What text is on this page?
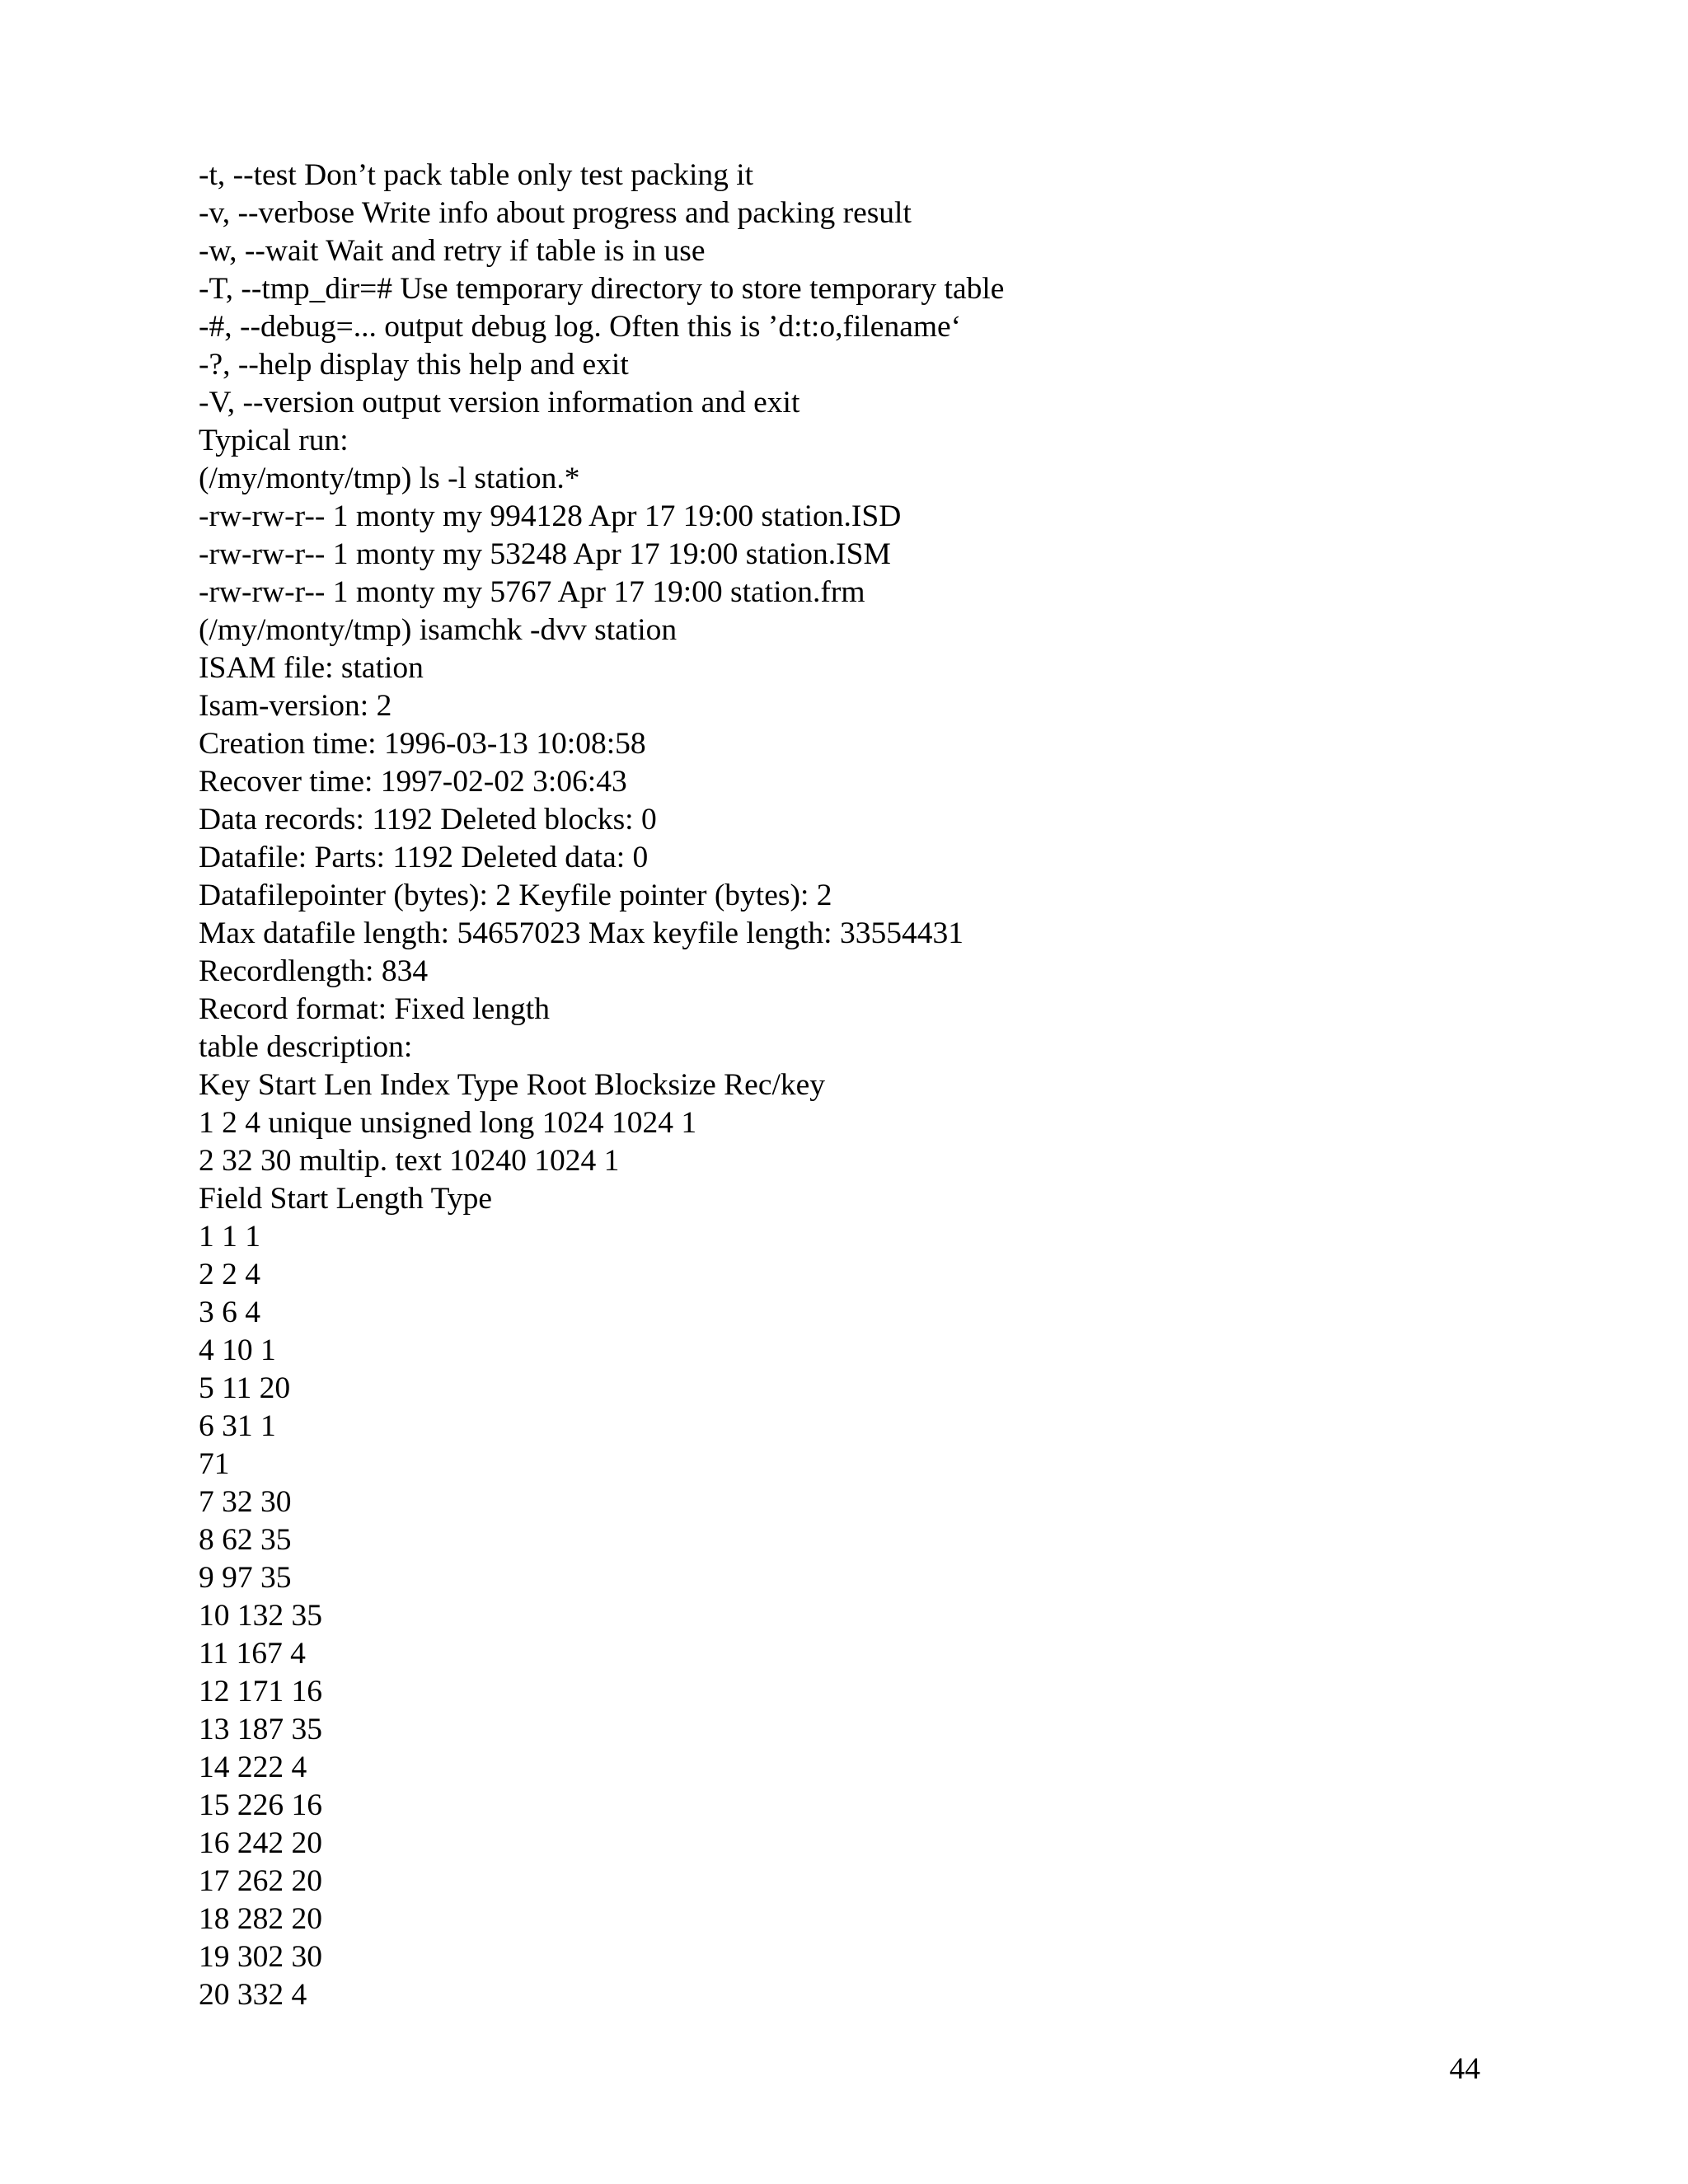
-t, --test Don’t pack table only test packing it
-v, --verbose Write info about progress and packing result
-w, --wait Wait and retry if table is in use
-T, --tmp_dir=# Use temporary directory to store temporary table
-#, --debug=... output debug log. Often this is ’d:t:o,filename‘
-?, --help display this help and exit
-V, --version output version information and exit
Typical run:
(/my/monty/tmp) ls -l station.*
-rw-rw-r-- 1 monty my 994128 Apr 17 19:00 station.ISD
-rw-rw-r-- 1 monty my 53248 Apr 17 19:00 station.ISM
-rw-rw-r-- 1 monty my 5767 Apr 17 19:00 station.frm
(/my/monty/tmp) isamchk -dvv station
ISAM file: station
Isam-version: 2
Creation time: 1996-03-13 10:08:58
Recover time: 1997-02-02 3:06:43
Data records: 1192 Deleted blocks: 0
Datafile: Parts: 1192 Deleted data: 0
Datafilepointer (bytes): 2 Keyfile pointer (bytes): 2
Max datafile length: 54657023 Max keyfile length: 33554431
Recordlength: 834
Record format: Fixed length
table description:
Key Start Len Index Type Root Blocksize Rec/key
1 2 4 unique unsigned long 1024 1024 1
2 32 30 multip. text 10240 1024 1
Field Start Length Type
1 1 1
2 2 4
3 6 4
4 10 1
5 11 20
6 31 1
71
7 32 30
8 62 35
9 97 35
10 132 35
11 167 4
12 171 16
13 187 35
14 222 4
15 226 16
16 242 20
17 262 20
18 282 20
19 302 30
20 332 4
44
